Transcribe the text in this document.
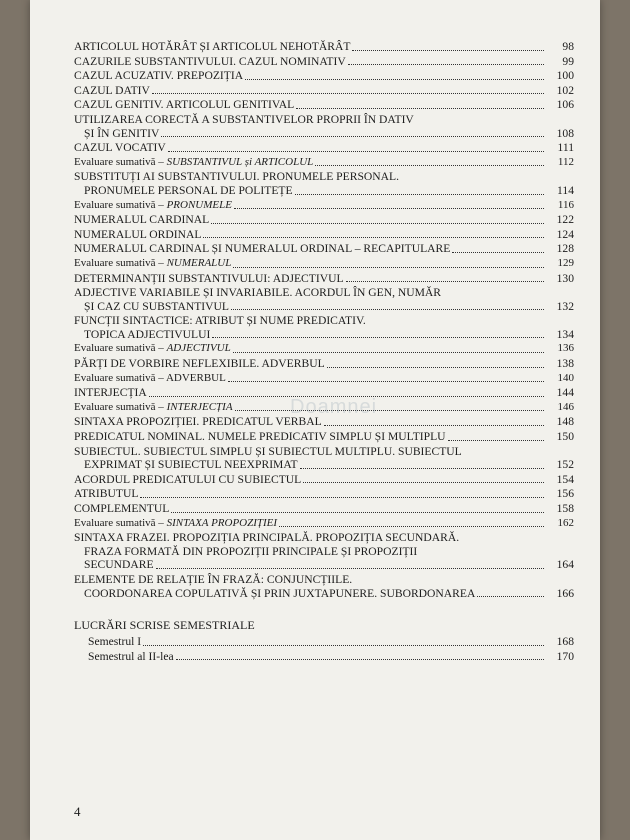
ARTICOLUL HOTĂRÂT ȘI ARTICOLUL NEHOTĂRÂT	98
CAZURILE SUBSTANTIVULUI. CAZUL NOMINATIV	99
CAZUL ACUZATIV. PREPOZIȚIA	100
CAZUL DATIV	102
CAZUL GENITIV. ARTICOLUL GENITIVAL	106
UTILIZAREA CORECTĂ A SUBSTANTIVELOR PROPRII ÎN DATIV
ȘI ÎN GENITIV	108
CAZUL VOCATIV	111
Evaluare sumativă – SUBSTANTIVUL și ARTICOLUL	112
SUBSTITUȚI AI SUBSTANTIVULUI. PRONUMELE PERSONAL.
PRONUMELE PERSONAL DE POLITEȚE	114
Evaluare sumativă – PRONUMELE	116
NUMERALUL CARDINAL	122
NUMERALUL ORDINAL	124
NUMERALUL CARDINAL ȘI NUMERALUL ORDINAL – RECAPITULARE	128
Evaluare sumativă – NUMERALUL	129
DETERMINANȚII SUBSTANTIVULUI: ADJECTIVUL	130
ADJECTIVE VARIABILE ȘI INVARIABILE. ACORDUL ÎN GEN, NUMĂR
ȘI CAZ CU SUBSTANTIVUL	132
FUNCȚII SINTACTICE: ATRIBUT ȘI NUME PREDICATIV.
TOPICA ADJECTIVULUI	134
Evaluare sumativă – ADJECTIVUL	136
PĂRȚI DE VORBIRE NEFLEXIBILE. ADVERBUL	138
Evaluare sumativă – ADVERBUL	140
INTERJECȚIA	144
Evaluare sumativă – INTERJECȚIA	146
SINTAXA PROPOZIȚIEI. PREDICATUL VERBAL	148
PREDICATUL NOMINAL. NUMELE PREDICATIV SIMPLU ȘI MULTIPLU	150
SUBIECTUL. SUBIECTUL SIMPLU ȘI SUBIECTUL MULTIPLU. SUBIECTUL
EXPRIMAT ȘI SUBIECTUL NEEXPRIMAT	152
ACORDUL PREDICATULUI CU SUBIECTUL	154
ATRIBUTUL	156
COMPLEMENTUL	158
Evaluare sumativă – SINTAXA PROPOZIȚIEI	162
SINTAXA FRAZEI. PROPOZIȚIA PRINCIPALĂ. PROPOZIȚIA SECUNDARĂ.
FRAZA FORMATĂ DIN PROPOZIȚII PRINCIPALE ȘI PROPOZIȚII
SECUNDARE	164
ELEMENTE DE RELAȚIE ÎN FRAZĂ: CONJUNCȚIILE.
COORDONAREA COPULATIVĂ ȘI PRIN JUXTAPUNERE. SUBORDONAREA	166
LUCRĂRI SCRISE SEMESTRIALE
Semestrul I	168
Semestrul al II-lea	170
Doamnei
4
